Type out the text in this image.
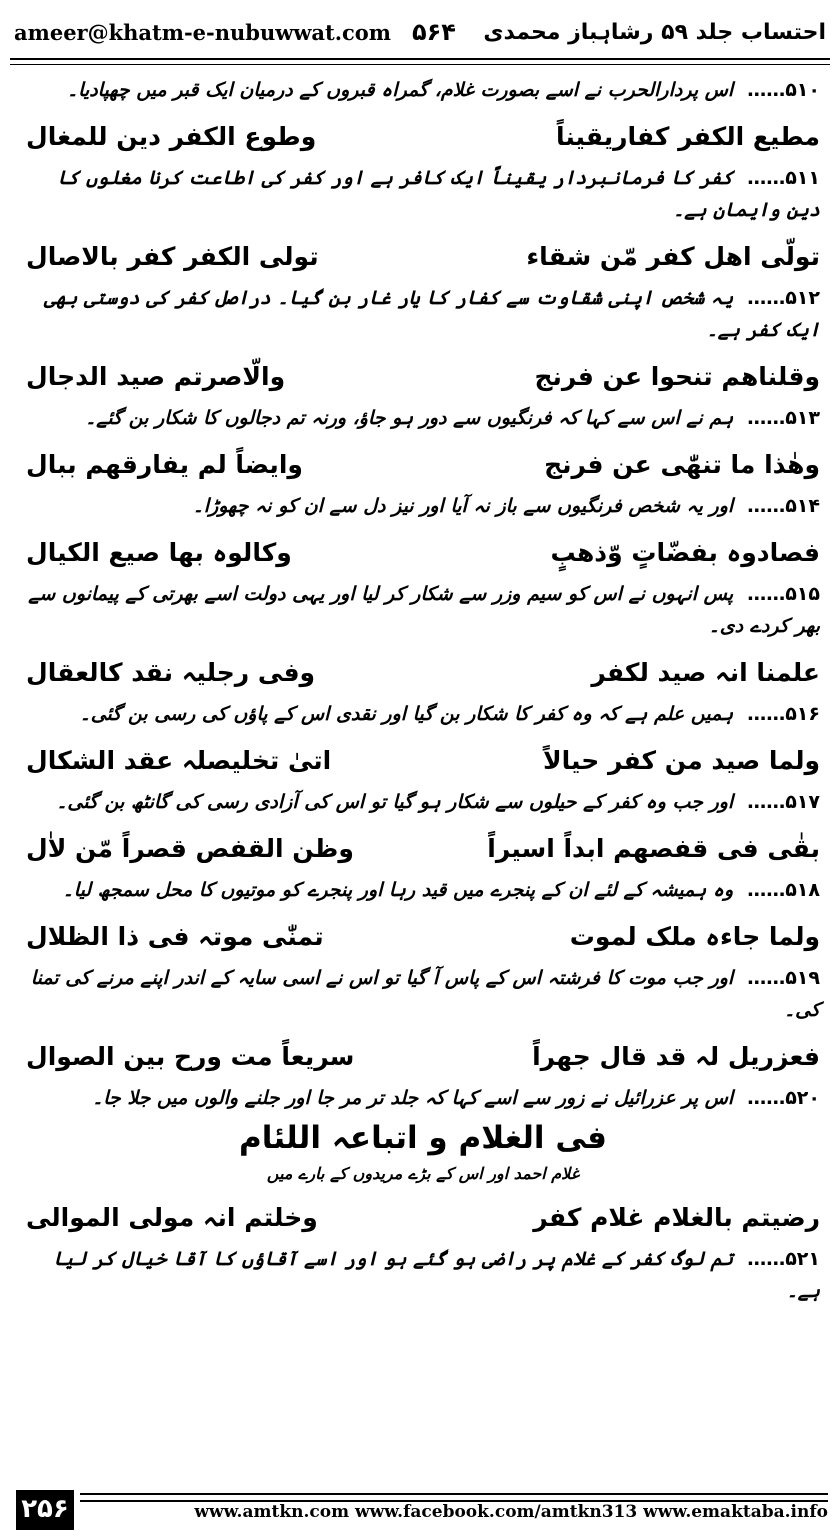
ameer@khatm-e-nubuwwat.com ۵۶۴ احتساب جلد ۵۹ رشاہباز محمدی
۵۱۰……اس پردارالحرب نے اسے بصورت غلام، گمراہ قبروں کے درمیان ایک قبر میں چھپادیا۔
مطیع الکفر کفاریقیناً
وطوع الکفر دین للمغال
۵۱۱……کفر کا فرمانبردار یقیناً ایک کافر ہے اور کفر کی اطاعت کرنا مغلوں کا دین وایمان ہے۔
تولّی اھل کفر مّن شقاء
تولی الکفر کفر بالاصال
۵۱۲……یہ شخص اپنی شقاوت سے کفار کا یار غار بن گیا۔ دراصل کفر کی دوستی بھی ایک کفر ہے۔
وقلناھم تنحوا عن فرنج
والّاصرتم صید الدجال
۵۱۳……ہم نے اس سے کہا کہ فرنگیوں سے دور ہو جاؤ، ورنہ تم دجالوں کا شکار بن گئے۔
وھٰذا ما تنھّٰی عن فرنج
وایضاً لم یفارقھم ببال
۵۱۴……اور یہ شخص فرنگیوں سے باز نہ آیا اور نیز دل سے ان کو نہ چھوڑا۔
فصادوہ بفضّاتٍ وّذھبٍ
وکالوہ بھا صیع الکیال
۵۱۵……پس انہوں نے اس کو سیم وزر سے شکار کر لیا اور یہی دولت اسے بھرتی کے پیمانوں سے بھر کردے دی۔
علمنا انہ صید لکفر
وفی رجلیہ نقد کالعقال
۵۱۶……ہمیں علم ہے کہ وہ کفر کا شکار بن گیا اور نقدی اس کے پاؤں کی رسی بن گئی۔
ولما صید من کفر حیالاً
اتیٰ تخلیصلہ عقد الشکال
۵۱۷……اور جب وہ کفر کے حیلوں سے شکار ہو گیا تو اس کی آزادی رسی کی گانٹھ بن گئی۔
بقٰی فی قفصھم ابداً اسیراً
وظن القفص قصراً مّن لاٰل
۵۱۸……وہ ہمیشہ کے لئے ان کے پنجرے میں قید رہا اور پنجرے کو موتیوں کا محل سمجھ لیا۔
ولما جاءہ ملک لموت
تمنّٰی موتہ فی ذا الظلال
۵۱۹……اور جب موت کا فرشتہ اس کے پاس آ گیا تو اس نے اسی سایہ کے اندر اپنے مرنے کی تمنا کی۔
فعزریل لہ قد قال جھراً
سریعاً مت ورح بین الصوال
۵۲۰……اس پر عزرائیل نے زور سے اسے کہا کہ جلد تر مر جا اور جلنے والوں میں جلا جا۔
فی الغلام و اتباعہ اللئام
غلام احمد اور اس کے بڑے مریدوں کے بارے میں
رضیتم بالغلام غلام کفر
وخلتم انہ مولی الموالی
۵۲۱……تم لوگ کفر کے غلام پر راضی ہو گئے ہو اور اسے آقاؤں کا آقا خیال کر لیا ہے۔
۲۵۶	www.amtkn.com www.facebook.com/amtkn313 www.emaktaba.info
